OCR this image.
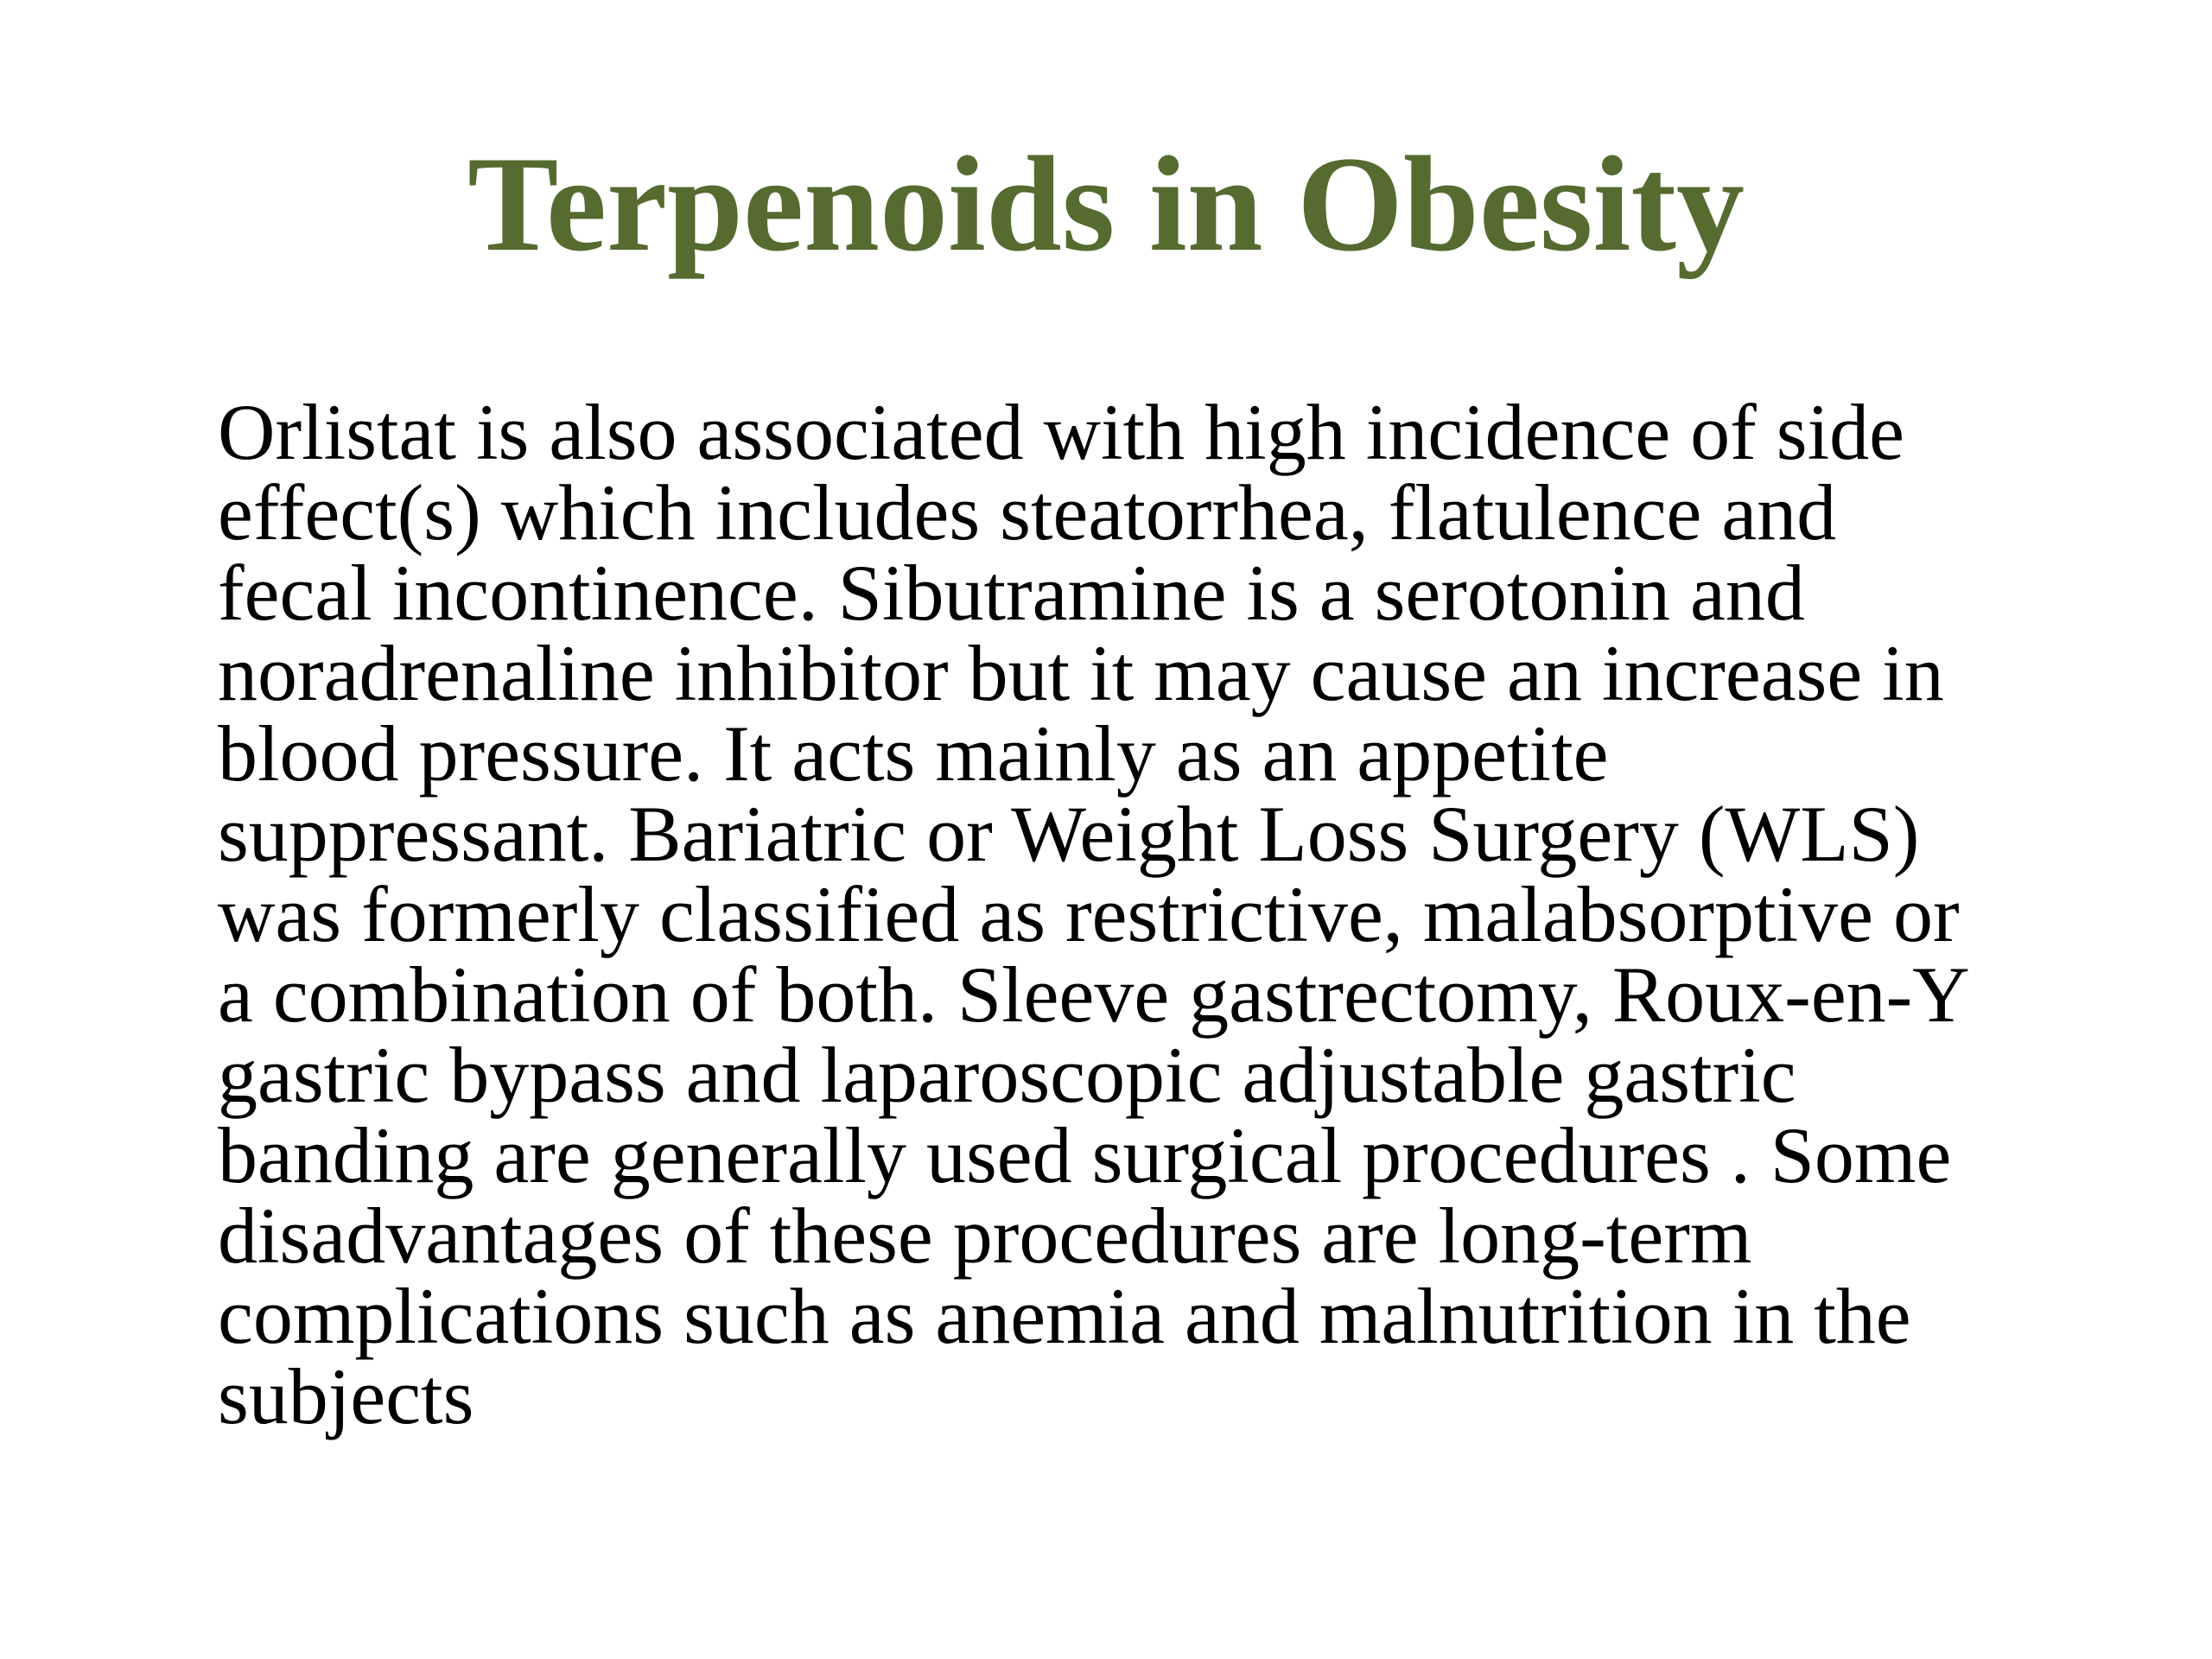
Terpenoids in Obesity
Orlistat is also associated with high incidence of side
effect(s) which includes steatorrhea, flatulence and
fecal incontinence. Sibutramine is a serotonin and
noradrenaline inhibitor but it may cause an increase in
blood pressure. It acts mainly as an appetite
suppressant. Bariatric or Weight Loss Surgery (WLS)
was formerly classified as restrictive, malabsorptive or
a combination of both. Sleeve gastrectomy, Roux-en-Y
gastric bypass and laparoscopic adjustable gastric
banding are generally used surgical procedures . Some
disadvantages of these procedures are long-term
complications such as anemia and malnutrition in the
subjects
